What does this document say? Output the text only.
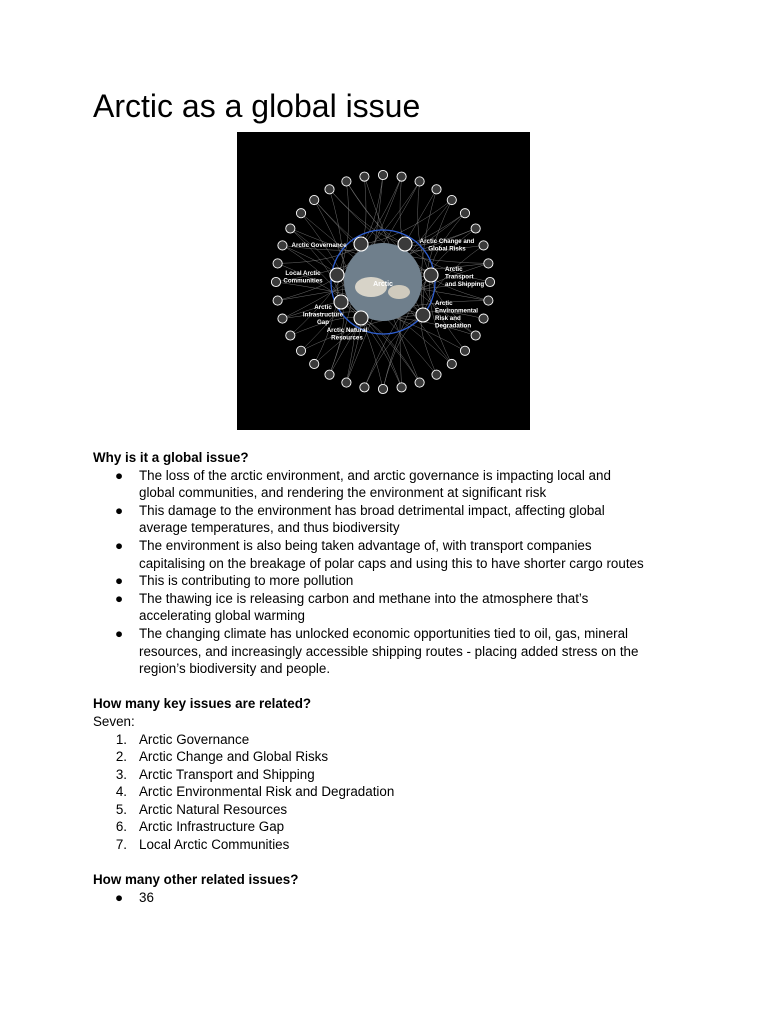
Arctic as a global issue
Arctic
Arctic Governance
Arctic Change and
Global Risks
Arctic
Transport
and Shipping
Arctic
Environmental
Risk and
Degradation
Arctic Natural
Resources
Arctic
Infrastructure
Gap
Local Arctic
Communities

Why is it a global issue?

● The loss of the arctic environment, and arctic governance is impacting local and
global communities, and rendering the environment at significant risk
● This damage to the environment has broad detrimental impact, affecting global
average temperatures, and thus biodiversity
● The environment is also being taken advantage of, with transport companies
capitalising on the breakage of polar caps and using this to have shorter cargo routes
● This is contributing to more pollution
● The thawing ice is releasing carbon and methane into the atmosphere that’s
accelerating global warming
● The changing climate has unlocked economic opportunities tied to oil, gas, mineral
resources, and increasingly accessible shipping routes - placing added stress on the
region’s biodiversity and people.

How many key issues are related?

Seven:

1. Arctic Governance
2. Arctic Change and Global Risks
3. Arctic Transport and Shipping
4. Arctic Environmental Risk and Degradation
5. Arctic Natural Resources
6. Arctic Infrastructure Gap
7. Local Arctic Communities

How many other related issues?

● 36
